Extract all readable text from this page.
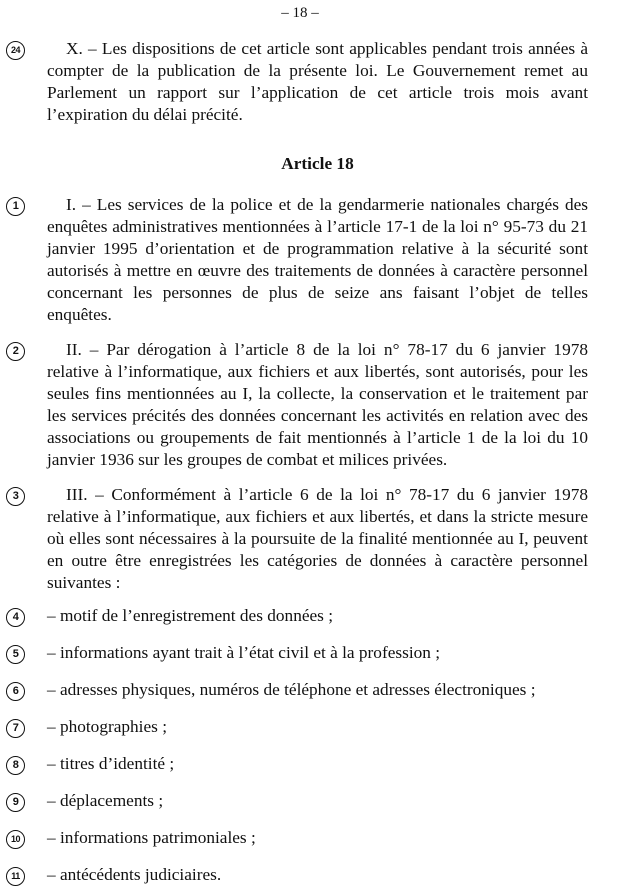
– 18 –
24	X. – Les dispositions de cet article sont applicables pendant trois années à compter de la publication de la présente loi. Le Gouvernement remet au Parlement un rapport sur l’application de cet article trois mois avant l’expiration du délai précité.
Article 18
1	I. – Les services de la police et de la gendarmerie nationales chargés des enquêtes administratives mentionnées à l’article 17-1 de la loi n° 95-73 du 21 janvier 1995 d’orientation et de programmation relative à la sécurité sont autorisés à mettre en œuvre des traitements de données à caractère personnel concernant les personnes de plus de seize ans faisant l’objet de telles enquêtes.
2	II. – Par dérogation à l’article 8 de la loi n° 78-17 du 6 janvier 1978 relative à l’informatique, aux fichiers et aux libertés, sont autorisés, pour les seules fins mentionnées au I, la collecte, la conservation et le traitement par les services précités des données concernant les activités en relation avec des associations ou groupements de fait mentionnés à l’article 1 de la loi du 10 janvier 1936 sur les groupes de combat et milices privées.
3	III. – Conformément à l’article 6 de la loi n° 78-17 du 6 janvier 1978 relative à l’informatique, aux fichiers et aux libertés, et dans la stricte mesure où elles sont nécessaires à la poursuite de la finalité mentionnée au I, peuvent en outre être enregistrées les catégories de données à caractère personnel suivantes :
4	– motif de l’enregistrement des données ;
5	– informations ayant trait à l’état civil et à la profession ;
6	– adresses physiques, numéros de téléphone et adresses électroniques ;
7	– photographies ;
8	– titres d’identité ;
9	– déplacements ;
10 – informations patrimoniales ;
11	– antécédents judiciaires.
